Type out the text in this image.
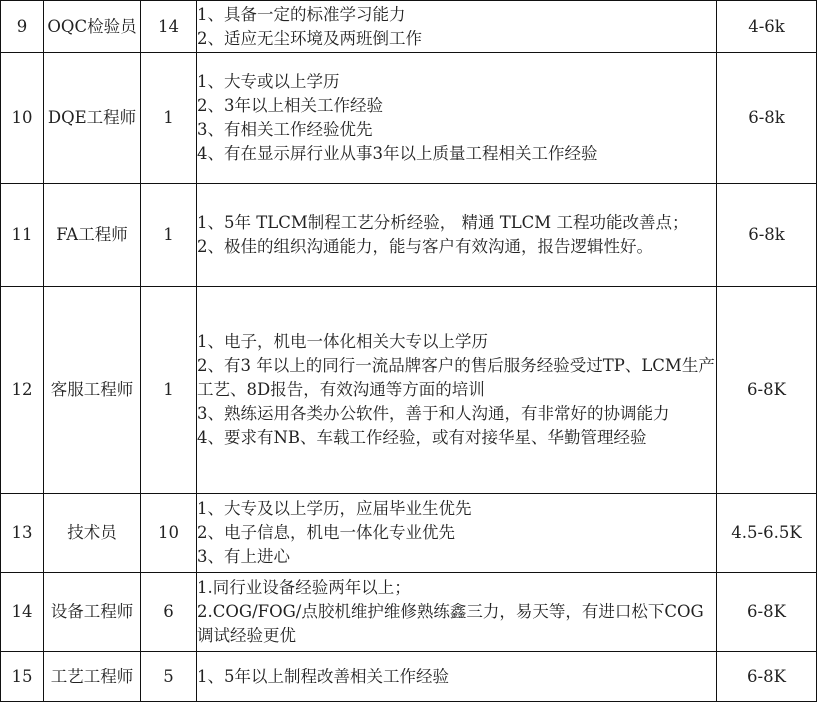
9	OQC检验员	14	1、具备一定的标准学习能力
2、适应无尘环境及两班倒工作	4-6k
10	DQE工程师	1	1、大专或以上学历
2、3年以上相关工作经验
3、有相关工作经验优先
4、有在显示屏行业从事3年以上质量工程相关工作经验	6-8k
11	FA工程师	1	1、5年 TLCM制程工艺分析经验， 精通 TLCM 工程功能改善点；
2、极佳的组织沟通能力，能与客户有效沟通，报告逻辑性好。	6-8k
12	客服工程师	1	1、电子，机电一体化相关大专以上学历
2、有3 年以上的同行一流品牌客户的售后服务经验受过TP、LCM生产工艺、8D报告，有效沟通等方面的培训
3、熟练运用各类办公软件，善于和人沟通，有非常好的协调能力
4、要求有NB、车载工作经验，或有对接华星、华勤管理经验	6-8K
13	技术员	10	1、大专及以上学历，应届毕业生优先
2、电子信息，机电一体化专业优先
3、有上进心	4.5-6.5K
14	设备工程师	6	1.同行业设备经验两年以上；
2.COG/FOG/点胶机维护维修熟练鑫三力，易天等，有进口松下COG调试经验更优	6-8K
15	工艺工程师	5	1、5年以上制程改善相关工作经验	6-8K
